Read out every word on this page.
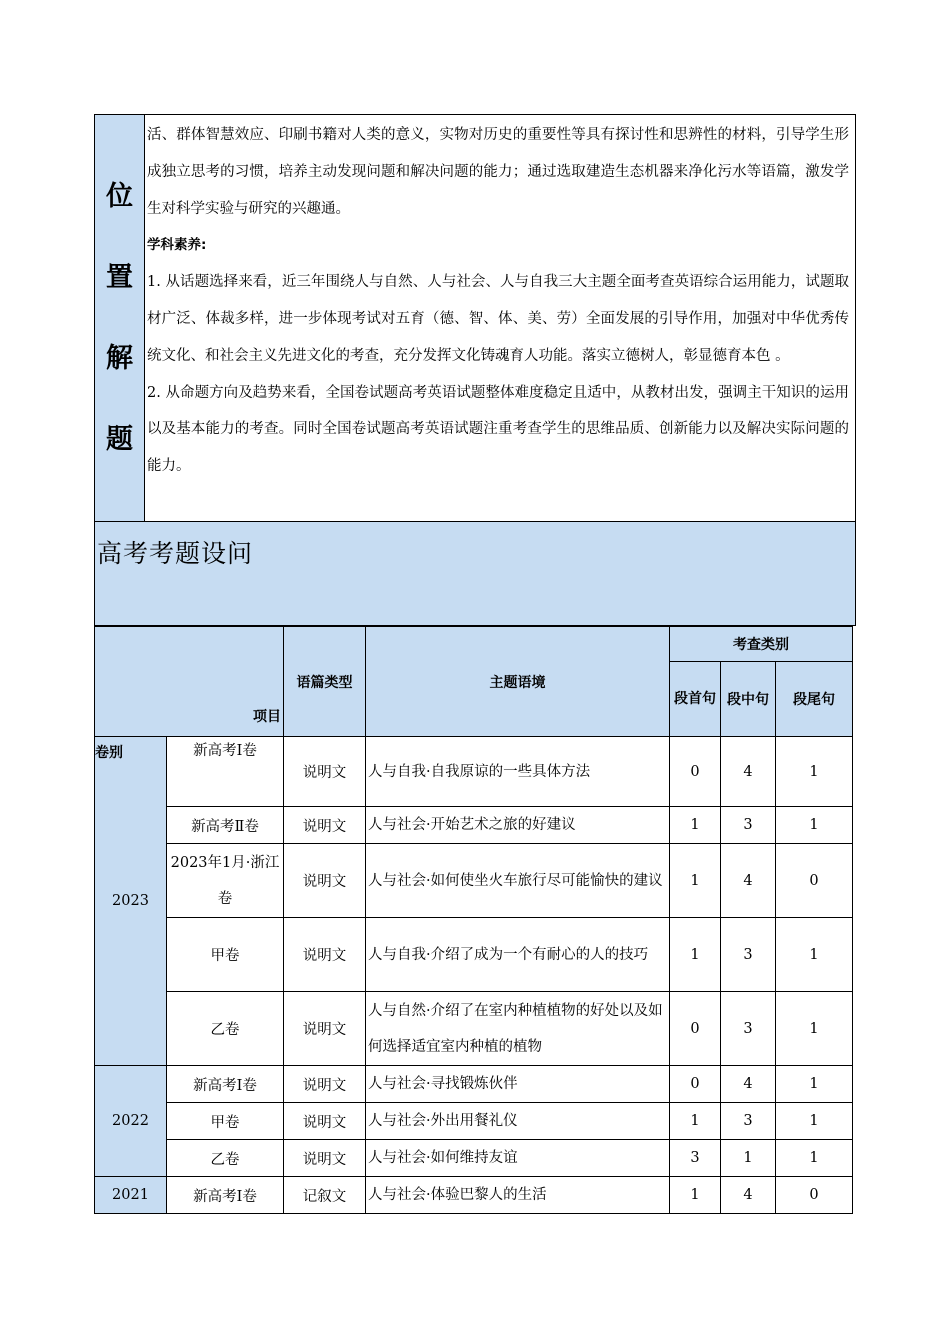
位
置
解
题

活、群体智慧效应、印刷书籍对人类的意义，实物对历史的重要性等具有探讨性和思辨性的材料，引导学生形成独立思考的习惯，培养主动发现问题和解决问题的能力；通过选取建造生态机器来净化污水等语篇，激发学生对科学实验与研究的兴趣通。

学科素养:

1. 从话题选择来看，近三年围绕人与自然、人与社会、人与自我三大主题全面考查英语综合运用能力，试题取材广泛、体裁多样，进一步体现考试对五育（德、智、体、美、劳）全面发展的引导作用，加强对中华优秀传统文化、和社会主义先进文化的考查，充分发挥文化铸魂育人功能。落实立德树人，彰显德育本色 。

2. 从命题方向及趋势来看，全国卷试题高考英语试题整体难度稳定且适中，从教材出发，强调主干知识的运用以及基本能力的考查。同时全国卷试题高考英语试题注重考查学生的思维品质、创新能力以及解决实际问题的能力。

高考考题设问
项目
卷别		语篇类型	主题语境	考查类别		
				段首句	段中句	段尾句
2023	新高考Ⅰ卷	说明文	人与自我·自我原谅的一些具体方法	0	4	1
	新高考Ⅱ卷	说明文	人与社会·开始艺术之旅的好建议	1	3	1
	2023年1月·浙江卷	说明文	人与社会·如何使坐火车旅行尽可能愉快的建议	1	4	0
	甲卷	说明文	人与自我·介绍了成为一个有耐心的人的技巧	1	3	1
	乙卷	说明文	人与自然·介绍了在室内种植植物的好处以及如何选择适宜室内种植的植物	0	3	1
2022	新高考Ⅰ卷	说明文	人与社会·寻找锻炼伙伴	0	4	1
	甲卷	说明文	人与社会·外出用餐礼仪	1	3	1
	乙卷	说明文	人与社会·如何维持友谊	3	1	1
2021	新高考Ⅰ卷	记叙文	人与社会·体验巴黎人的生活	1	4	0
